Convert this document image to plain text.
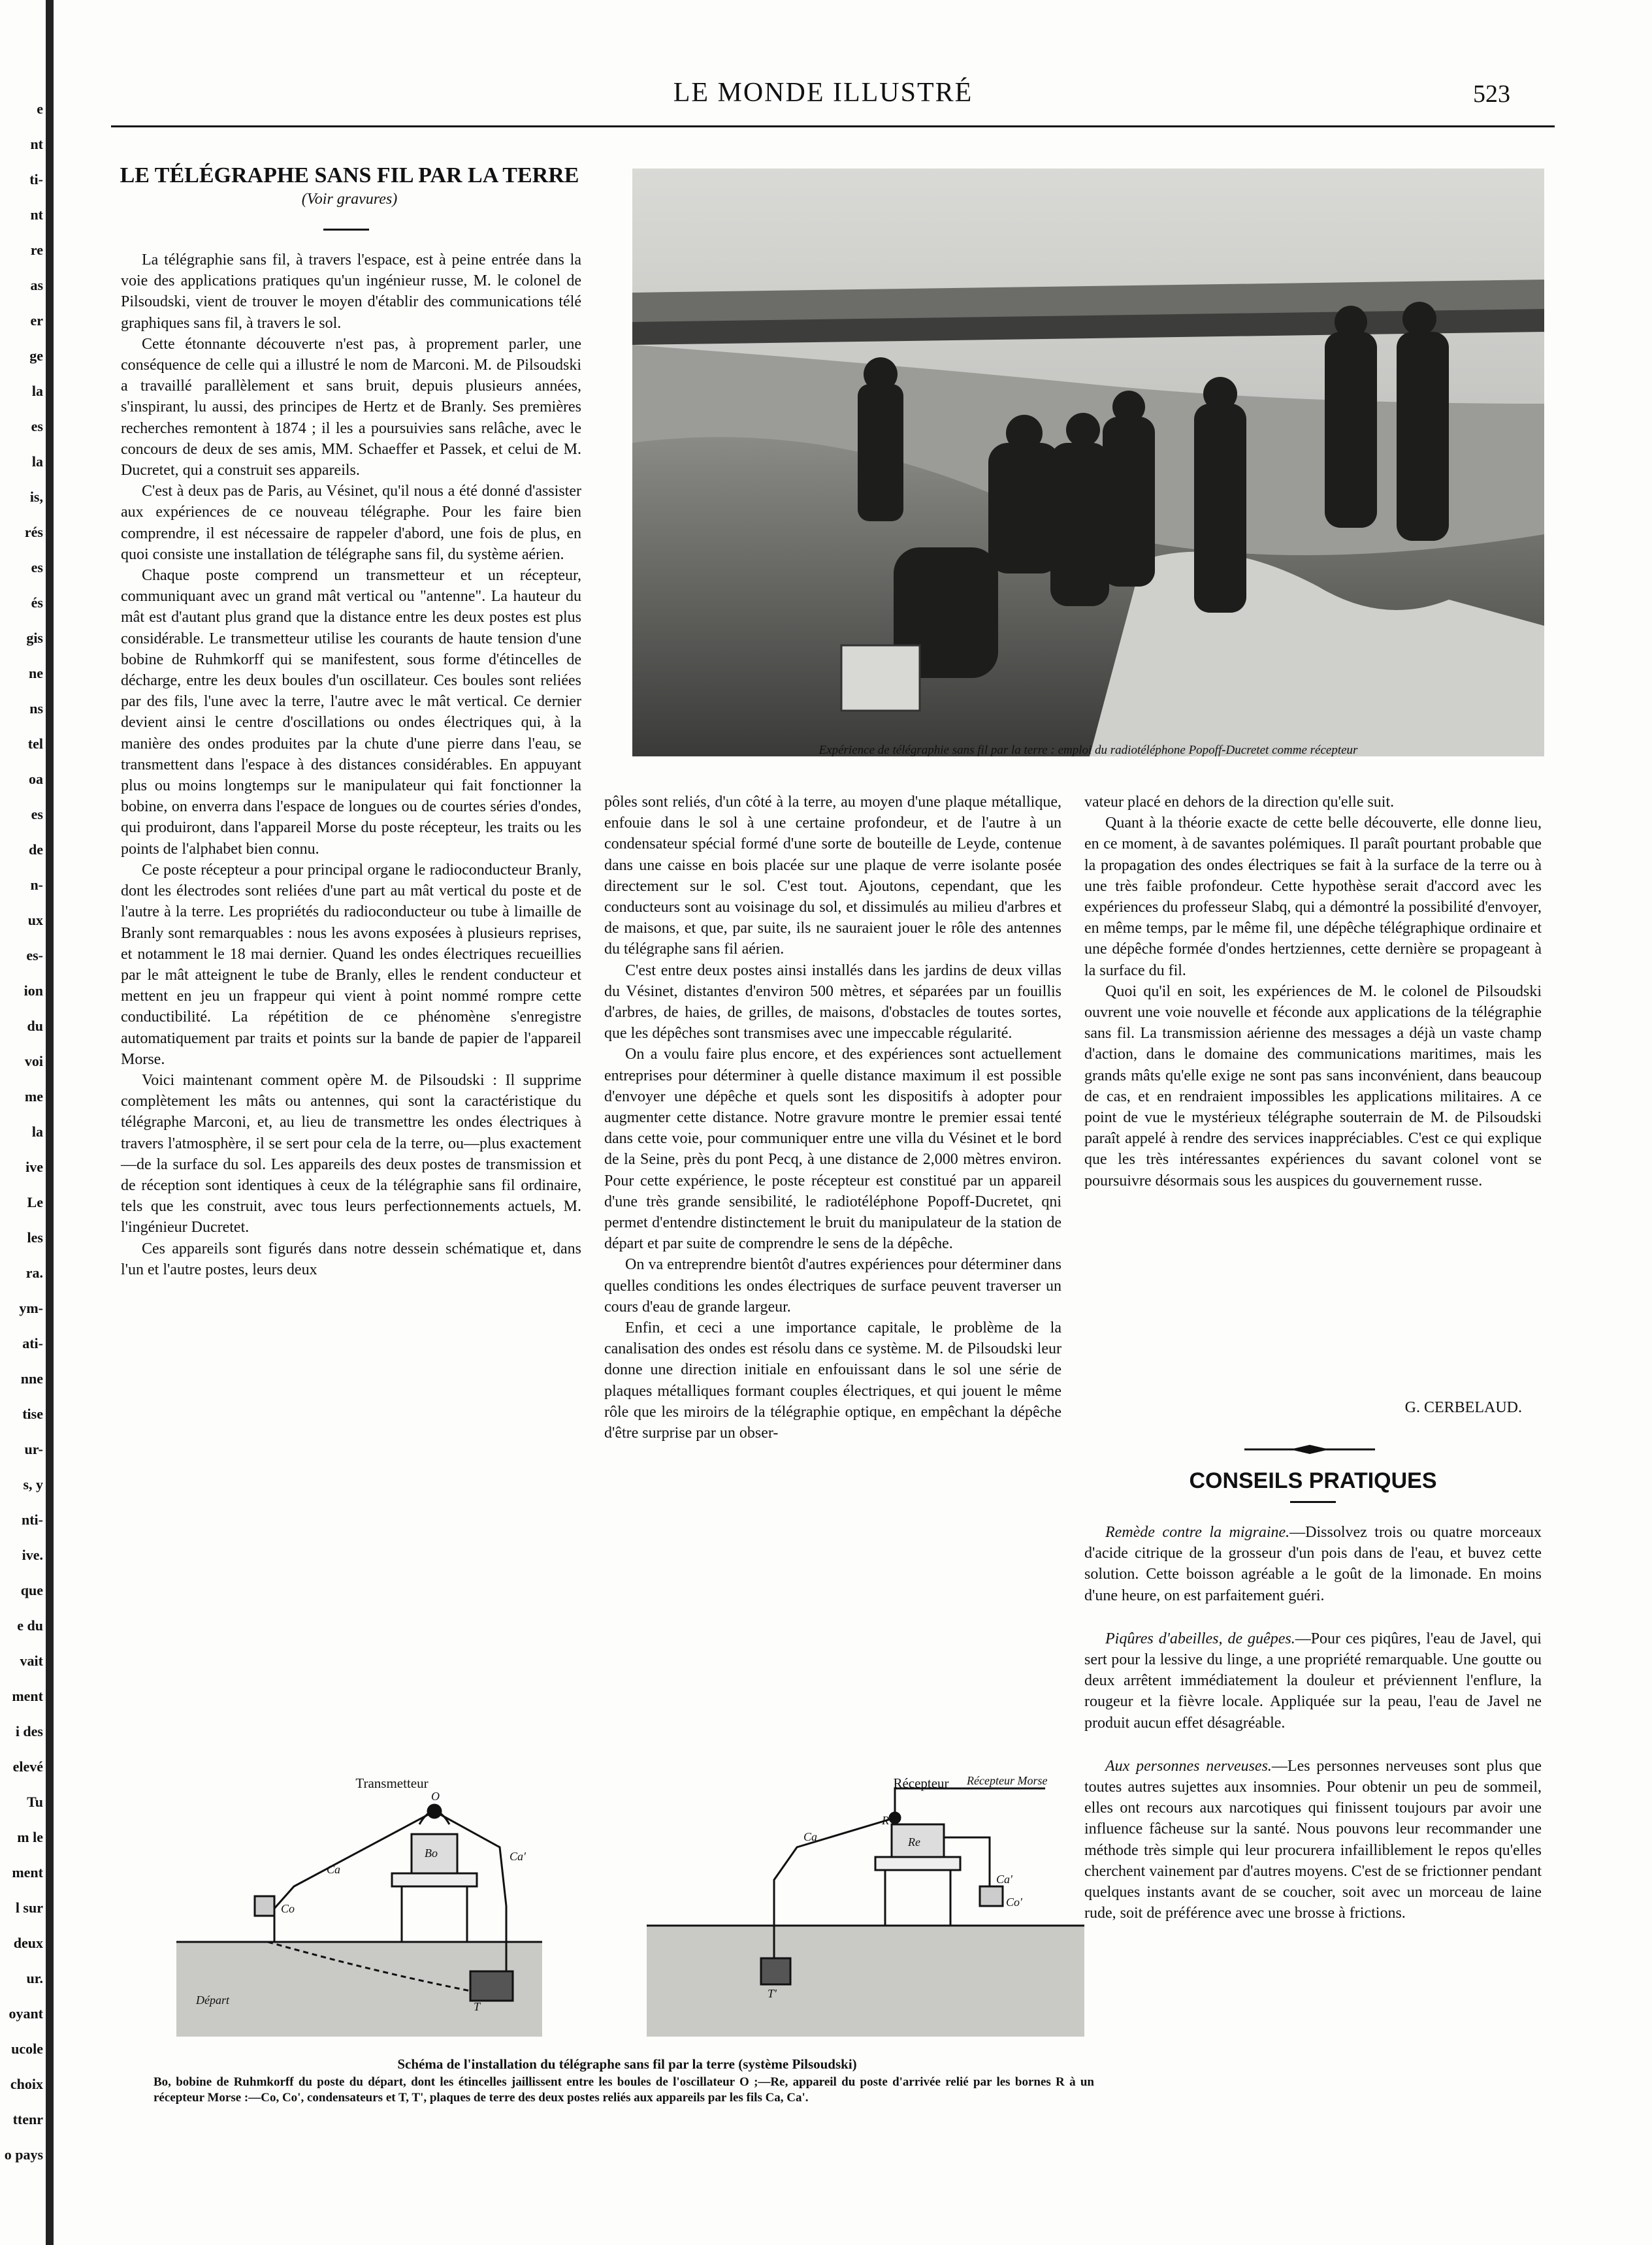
e
nt
ti-
nt
re
as
er
ge
la
es
la
is,
rés
es
és
gis
ne
ns
tel
oa
es
de
n-
ux
es-
ion
du
voi
me
la
ive
Le
les
ra.
ym-
ati-
nne
tise
ur-
s, y
nti-
ive.
que
e du
vait
ment
i des
elevé
Tu
m le
ment
l sur
deux
ur.
oyant
ucole
choix
ttenr
o pays
LE MONDE ILLUSTRÉ	523
LE TÉLÉGRAPHE SANS FIL PAR LA TERRE
(Voir gravures)

La télégraphie sans fil, à travers l'espace, est à peine entrée dans la voie des applications pratiques qu'un ingénieur russe, M. le colonel de Pilsoudski, vient de trouver le moyen d'établir des communications télé graphiques sans fil, à travers le sol.

Cette étonnante découverte n'est pas, à proprement parler, une conséquence de celle qui a illustré le nom de Marconi. M. de Pilsoudski a travaillé parallèlement et sans bruit, depuis plusieurs années, s'inspirant, lu aussi, des principes de Hertz et de Branly. Ses premières recherches remontent à 1874 ; il les a poursuivies sans relâche, avec le concours de deux de ses amis, MM. Schaeffer et Passek, et celui de M. Ducretet, qui a construit ses appareils.

C'est à deux pas de Paris, au Vésinet, qu'il nous a été donné d'assister aux expériences de ce nouveau télégraphe. Pour les faire bien comprendre, il est nécessaire de rappeler d'abord, une fois de plus, en quoi consiste une installation de télégraphe sans fil, du système aérien.

Chaque poste comprend un transmetteur et un récepteur, communiquant avec un grand mât vertical ou "antenne". La hauteur du mât est d'autant plus grand que la distance entre les deux postes est plus considérable. Le transmetteur utilise les courants de haute tension d'une bobine de Ruhmkorff qui se manifestent, sous forme d'étincelles de décharge, entre les deux boules d'un oscillateur. Ces boules sont reliées par des fils, l'une avec la terre, l'autre avec le mât vertical. Ce dernier devient ainsi le centre d'oscillations ou ondes électriques qui, à la manière des ondes produites par la chute d'une pierre dans l'eau, se transmettent dans l'espace à des distances considérables. En appuyant plus ou moins longtemps sur le manipulateur qui fait fonctionner la bobine, on enverra dans l'espace de longues ou de courtes séries d'ondes, qui produiront, dans l'appareil Morse du poste récepteur, les traits ou les points de l'alphabet bien connu.

Ce poste récepteur a pour principal organe le radioconducteur Branly, dont les électrodes sont reliées d'une part au mât vertical du poste et de l'autre à la terre. Les propriétés du radioconducteur ou tube à limaille de Branly sont remarquables : nous les avons exposées à plusieurs reprises, et notamment le 18 mai dernier. Quand les ondes électriques recueillies par le mât atteignent le tube de Branly, elles le rendent conducteur et mettent en jeu un frappeur qui vient à point nommé rompre cette conductibilité. La répétition de ce phénomène s'enregistre automatiquement par traits et points sur la bande de papier de l'appareil Morse.

Voici maintenant comment opère M. de Pilsoudski : Il supprime complètement les mâts ou antennes, qui sont la caractéristique du télégraphe Marconi, et, au lieu de transmettre les ondes électriques à travers l'atmosphère, il se sert pour cela de la terre, ou—plus exactement—de la surface du sol. Les appareils des deux postes de transmission et de réception sont identiques à ceux de la télégraphie sans fil ordinaire, tels que les construit, avec tous leurs perfectionnements actuels, M. l'ingénieur Ducretet.

Ces appareils sont figurés dans notre dessein schématique et, dans l'un et l'autre postes, leurs deux

Expérience de télégraphie sans fil par la terre : emploi du radiotéléphone Popoff-Ducretet comme récepteur

pôles sont reliés, d'un côté à la terre, au moyen d'une plaque métallique, enfouie dans le sol à une certaine profondeur, et de l'autre à un condensateur spécial formé d'une sorte de bouteille de Leyde, contenue dans une caisse en bois placée sur une plaque de verre isolante posée directement sur le sol. C'est tout. Ajoutons, cependant, que les conducteurs sont au voisinage du sol, et dissimulés au milieu d'arbres et de maisons, et que, par suite, ils ne sauraient jouer le rôle des antennes du télégraphe sans fil aérien.

C'est entre deux postes ainsi installés dans les jardins de deux villas du Vésinet, distantes d'environ 500 mètres, et séparées par un fouillis d'arbres, de haies, de grilles, de maisons, d'obstacles de toutes sortes, que les dépêches sont transmises avec une impeccable régularité.

On a voulu faire plus encore, et des expériences sont actuellement entreprises pour déterminer à quelle distance maximum il est possible d'envoyer une dépêche et quels sont les dispositifs à adopter pour augmenter cette distance. Notre gravure montre le premier essai tenté dans cette voie, pour communiquer entre une villa du Vésinet et le bord de la Seine, près du pont Pecq, à une distance de 2,000 mètres environ. Pour cette expérience, le poste récepteur est constitué par un appareil d'une très grande sensibilité, le radiotéléphone Popoff-Ducretet, qni permet d'entendre distinctement le bruit du manipulateur de la station de départ et par suite de comprendre le sens de la dépêche.

On va entreprendre bientôt d'autres expériences pour déterminer dans quelles conditions les ondes électriques de surface peuvent traverser un cours d'eau de grande largeur.

Enfin, et ceci a une importance capitale, le problème de la canalisation des ondes est résolu dans ce système. M. de Pilsoudski leur donne une direction initiale en enfouissant dans le sol une série de plaques métalliques formant couples électriques, et qui jouent le même rôle que les miroirs de la télégraphie optique, en empêchant la dépêche d'être surprise par un obser-

vateur placé en dehors de la direction qu'elle suit.

Quant à la théorie exacte de cette belle découverte, elle donne lieu, en ce moment, à de savantes polémiques. Il paraît pourtant probable que la propagation des ondes électriques se fait à la surface de la terre ou à une très faible profondeur. Cette hypothèse serait d'accord avec les expériences du professeur Slabq, qui a démontré la possibilité d'envoyer, en même temps, par le même fil, une dépêche télégraphique ordinaire et une dépêche formée d'ondes hertziennes, cette dernière se propageant à la surface du fil.

Quoi qu'il en soit, les expériences de M. le colonel de Pilsoudski ouvrent une voie nouvelle et féconde aux applications de la télégraphie sans fil. La transmission aérienne des messages a déjà un vaste champ d'action, dans le domaine des communications maritimes, mais les grands mâts qu'elle exige ne sont pas sans inconvénient, dans beaucoup de cas, et en rendraient impossibles les applications militaires. A ce point de vue le mystérieux télégraphe souterrain de M. de Pilsoudski paraît appelé à rendre des services inappréciables. C'est ce qui explique que les très intéressantes expériences du savant colonel vont se poursuivre désormais sous les auspices du gouvernement russe.

G. CERBELAUD.
CONSEILS PRATIQUES

Remède contre la migraine.—Dissolvez trois ou quatre morceaux d'acide citrique de la grosseur d'un pois dans de l'eau, et buvez cette solution. Cette boisson agréable a le goût de la limonade. En moins d'une heure, on est parfaitement guéri.

Piqûres d'abeilles, de guêpes.—Pour ces piqûres, l'eau de Javel, qui sert pour la lessive du linge, a une propriété remarquable. Une goutte ou deux arrêtent immédiatement la douleur et préviennent l'enflure, la rougeur et la fièvre locale. Appliquée sur la peau, l'eau de Javel ne produit aucun effet désagréable.

Aux personnes nerveuses.—Les personnes nerveuses sont plus que toutes autres sujettes aux insomnies. Pour obtenir un peu de sommeil, elles ont recours aux narcotiques qui finissent toujours par avoir une influence fâcheuse sur la santé. Nous pouvons leur recommander une méthode très simple qui leur procurera infailliblement le repos qu'elles cherchent vainement par d'autres moyens. C'est de se frictionner pendant quelques instants avant de se coucher, soit avec un morceau de laine rude, soit de préférence avec une brosse à frictions.

Transmetteur	Récepteur
O
Bo
Ca
Ca'
Co
T
Départ
R
Re
Ca
Ca'
Co'
T'
Récepteur Morse
Schéma de l'installation du télégraphe sans fil par la terre (système Pilsoudski)
Bo, bobine de Ruhmkorff du poste du départ, dont les étincelles jaillissent entre les boules de l'oscillateur O ;—Re, appareil du poste d'arrivée relié par les bornes R à un récepteur Morse :—Co, Co', condensateurs et T, T', plaques de terre des deux postes reliés aux appareils par les fils Ca, Ca'.
